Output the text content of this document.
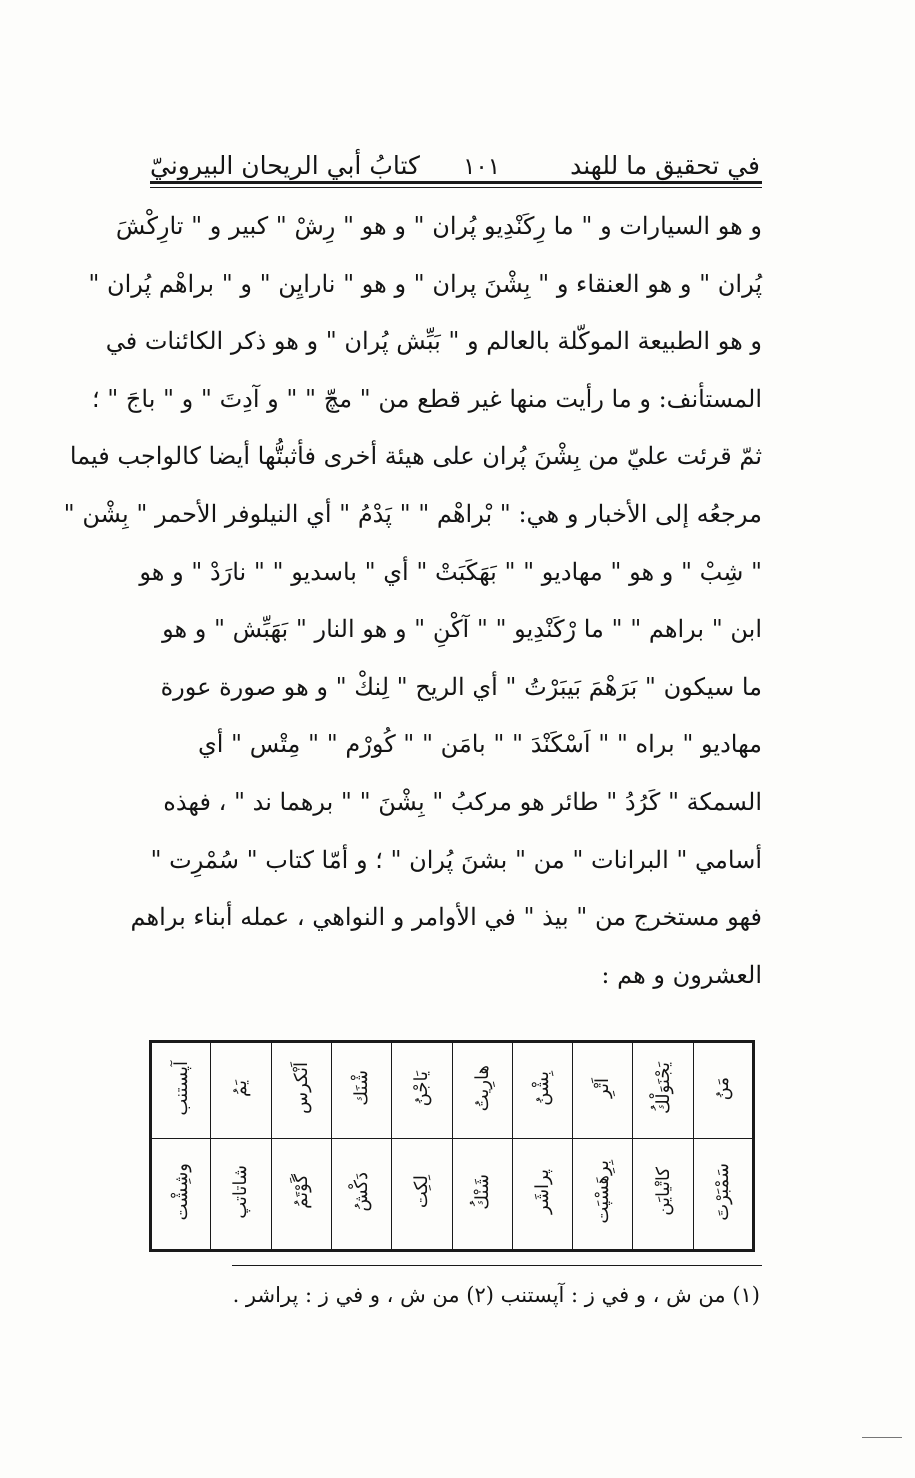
كتابُ أبي الريحان البيرونيّ ١٠١	في تحقيق ما للهند
و هو السيارات و " ما رِكَنْدِيو پُران " و هو " رِشْ " كبير و " تارِكْشَ
پُران " و هو العنقاء و " بِشْنَ پران " و هو " نارايِن " و " براهْم پُران "
و هو الطبيعة الموكّلة بالعالم و " بَبِّش پُران " و هو ذكر الكائنات في
المستأنف: و ما رأيت منها غير قطع من " مچّ " " و آدِتَ " و " باجَ " ؛
ثمّ قرئت عليّ من بِشْنَ پُران على هيئة أخرى فأثبتُّها أيضا كالواجب فيما
مرجعُه إلى الأخبار و هي: " بْراهْم " " پَدْمُ " أي النيلوفر الأحمر " بِشْن "
" شِبْ " و هو " مهاديو " " بَهَكَبَتْ " أي " باسديو " " نارَدْ " و هو
ابن " براهم " " ما رْكَنْدِيو " " آكْنِ " و هو النار " بَهَبِّش " و هو
ما سيكون " بَرَهْمَ بَيبَرْتُ " أي الريح " لِنكْ " و هو صورة عورة
مهاديو " براه " " اَسْكَنْدَ " " بامَن " " كُورْم " " مِتْس " أي
السمكة " كَرُدُ " طائر هو مركبُ " بِشْنَ " " برهما ند " ، فهذه
أسامي " البرانات " من " بشنَ پُران " ؛ و أمّا كتاب " سُمْرِت "
فهو مستخرج من " بيذ " في الأوامر و النواهي ، عمله أبناء براهم
العشرون و هم :
مَنُ	يَجْنَوَلْكُ	اَتْرِ	بِشْنُ	هارِيتُ	يَاجْنُ	شْنَك	اَنْكرس	يَمُ	آپستنب
سَمْبَرْتَ	كاتْيايَن	بِرِهَسْپَت	پراشَر	شَنْكُ	لِكِت	دَكْشُ	گَوْتَمُ	شاتاتپ	وشِشْت
(١) من ش ، و في ز : آپستنب (٢) من ش ، و في ز : پراشر .
